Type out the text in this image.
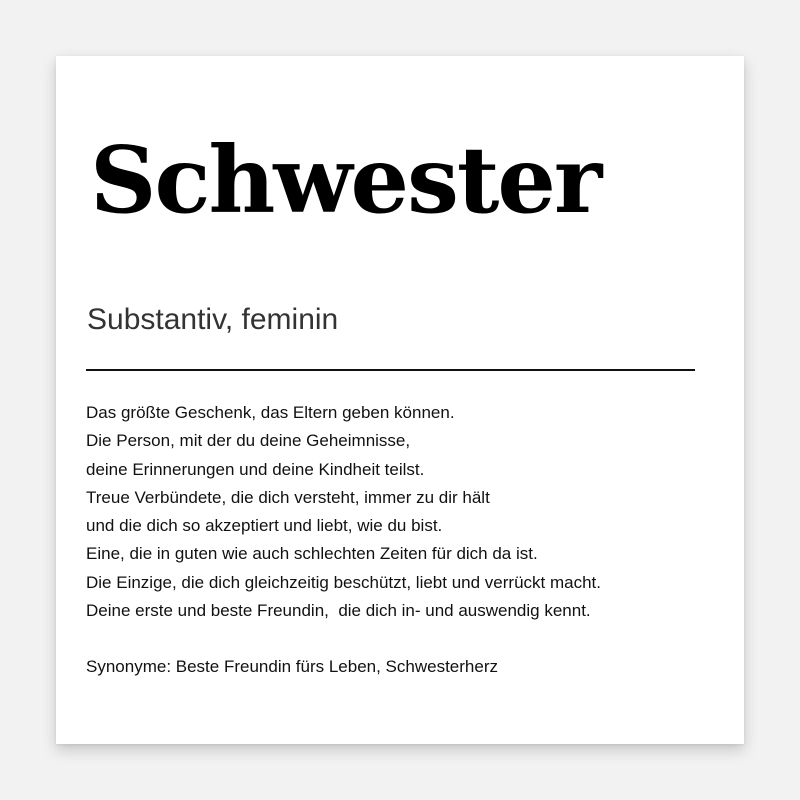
Schwester
Substantiv, feminin
Das größte Geschenk, das Eltern geben können.
Die Person, mit der du deine Geheimnisse,
deine Erinnerungen und deine Kindheit teilst.
Treue Verbündete, die dich versteht, immer zu dir hält
und die dich so akzeptiert und liebt, wie du bist.
Eine, die in guten wie auch schlechten Zeiten für dich da ist.
Die Einzige, die dich gleichzeitig beschützt, liebt und verrückt macht.
Deine erste und beste Freundin,  die dich in- und auswendig kennt.

Synonyme: Beste Freundin fürs Leben, Schwesterherz
